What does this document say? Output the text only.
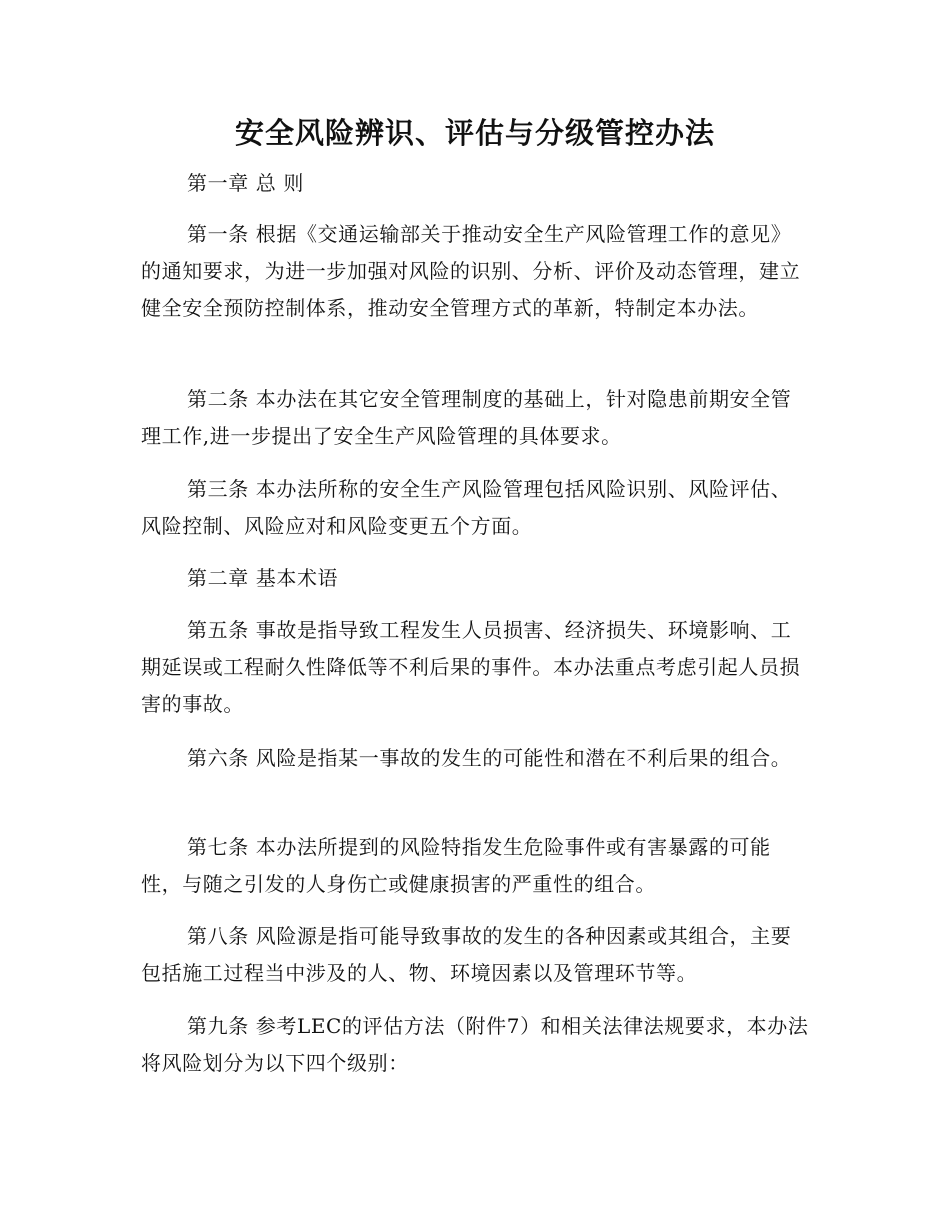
安全风险辨识、评估与分级管控办法
第一章 总 则

第一条 根据《交通运输部关于推动安全生产风险管理工作的意见》的通知要求，为进一步加强对风险的识别、分析、评价及动态管理，建立健全安全预防控制体系，推动安全管理方式的革新，特制定本办法。

第二条 本办法在其它安全管理制度的基础上，针对隐患前期安全管理工作,进一步提出了安全生产风险管理的具体要求。

第三条 本办法所称的安全生产风险管理包括风险识别、风险评估、风险控制、风险应对和风险变更五个方面。

第二章 基本术语

第五条 事故是指导致工程发生人员损害、经济损失、环境影响、工期延误或工程耐久性降低等不利后果的事件。本办法重点考虑引起人员损害的事故。

第六条 风险是指某一事故的发生的可能性和潜在不利后果的组合。

第七条 本办法所提到的风险特指发生危险事件或有害暴露的可能性，与随之引发的人身伤亡或健康损害的严重性的组合。

第八条 风险源是指可能导致事故的发生的各种因素或其组合，主要包括施工过程当中涉及的人、物、环境因素以及管理环节等。

第九条 参考LEC的评估方法（附件7）和相关法律法规要求，本办法将风险划分为以下四个级别：
